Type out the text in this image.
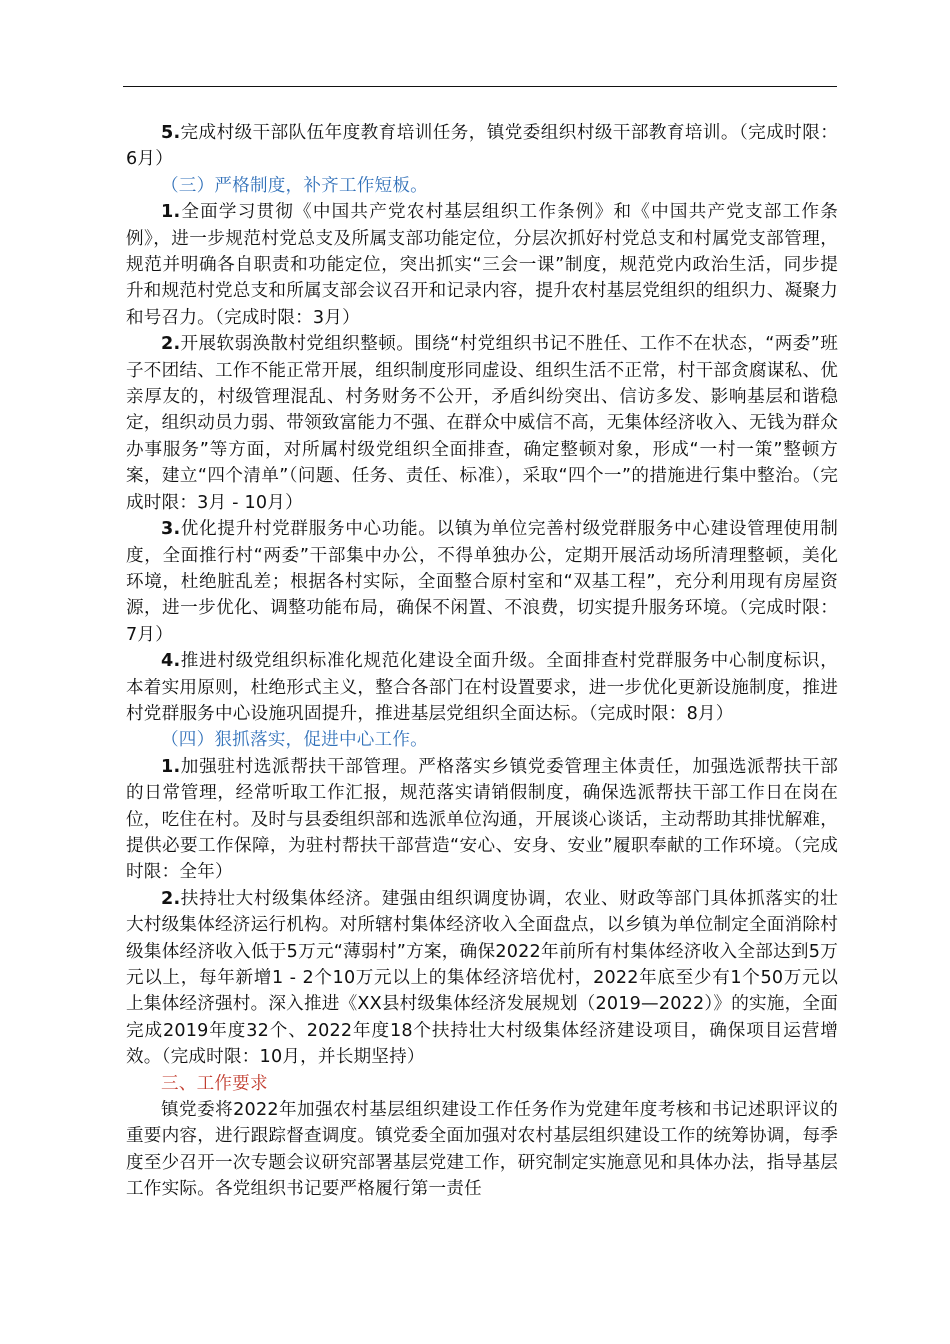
5.完成村级干部队伍年度教育培训任务，镇党委组织村级干部教育培训。（完成时限：6月）

（三）严格制度，补齐工作短板。

1.全面学习贯彻《中国共产党农村基层组织工作条例》和《中国共产党支部工作条例》，进一步规范村党总支及所属支部功能定位，分层次抓好村党总支和村属党支部管理，规范并明确各自职责和功能定位，突出抓实“三会一课”制度，规范党内政治生活，同步提升和规范村党总支和所属支部会议召开和记录内容，提升农村基层党组织的组织力、凝聚力和号召力。（完成时限：3月）

2.开展软弱涣散村党组织整顿。围绕“村党组织书记不胜任、工作不在状态，“两委”班子不团结、工作不能正常开展，组织制度形同虚设、组织生活不正常，村干部贪腐谋私、优亲厚友的，村级管理混乱、村务财务不公开，矛盾纠纷突出、信访多发、影响基层和谐稳定，组织动员力弱、带领致富能力不强、在群众中威信不高，无集体经济收入、无钱为群众办事服务”等方面，对所属村级党组织全面排查，确定整顿对象，形成“一村一策”整顿方案，建立“四个清单”（问题、任务、责任、标准），采取“四个一”的措施进行集中整治。（完成时限：3月 - 10月）

3.优化提升村党群服务中心功能。以镇为单位完善村级党群服务中心建设管理使用制度，全面推行村“两委”干部集中办公，不得单独办公，定期开展活动场所清理整顿，美化环境，杜绝脏乱差；根据各村实际，全面整合原村室和“双基工程”，充分利用现有房屋资源，进一步优化、调整功能布局，确保不闲置、不浪费，切实提升服务环境。（完成时限：7月）

4.推进村级党组织标准化规范化建设全面升级。全面排查村党群服务中心制度标识，本着实用原则，杜绝形式主义，整合各部门在村设置要求，进一步优化更新设施制度，推进村党群服务中心设施巩固提升，推进基层党组织全面达标。（完成时限：8月）

（四）狠抓落实，促进中心工作。

1.加强驻村选派帮扶干部管理。严格落实乡镇党委管理主体责任，加强选派帮扶干部的日常管理，经常听取工作汇报，规范落实请销假制度，确保选派帮扶干部工作日在岗在位，吃住在村。及时与县委组织部和选派单位沟通，开展谈心谈话，主动帮助其排忧解难，提供必要工作保障，为驻村帮扶干部营造“安心、安身、安业”履职奉献的工作环境。（完成时限：全年）

2.扶持壮大村级集体经济。建强由组织调度协调，农业、财政等部门具体抓落实的壮大村级集体经济运行机构。对所辖村集体经济收入全面盘点，以乡镇为单位制定全面消除村级集体经济收入低于5万元“薄弱村”方案，确保2022年前所有村集体经济收入全部达到5万元以上，每年新增1 - 2个10万元以上的集体经济培优村，2022年底至少有1个50万元以上集体经济强村。深入推进《XX县村级集体经济发展规划（2019—2022）》的实施，全面完成2019年度32个、2022年度18个扶持壮大村级集体经济建设项目，确保项目运营增效。（完成时限：10月，并长期坚持）

三、工作要求

镇党委将2022年加强农村基层组织建设工作任务作为党建年度考核和书记述职评议的重要内容，进行跟踪督查调度。镇党委全面加强对农村基层组织建设工作的统筹协调，每季度至少召开一次专题会议研究部署基层党建工作，研究制定实施意见和具体办法，指导基层工作实际。各党组织书记要严格履行第一责任
